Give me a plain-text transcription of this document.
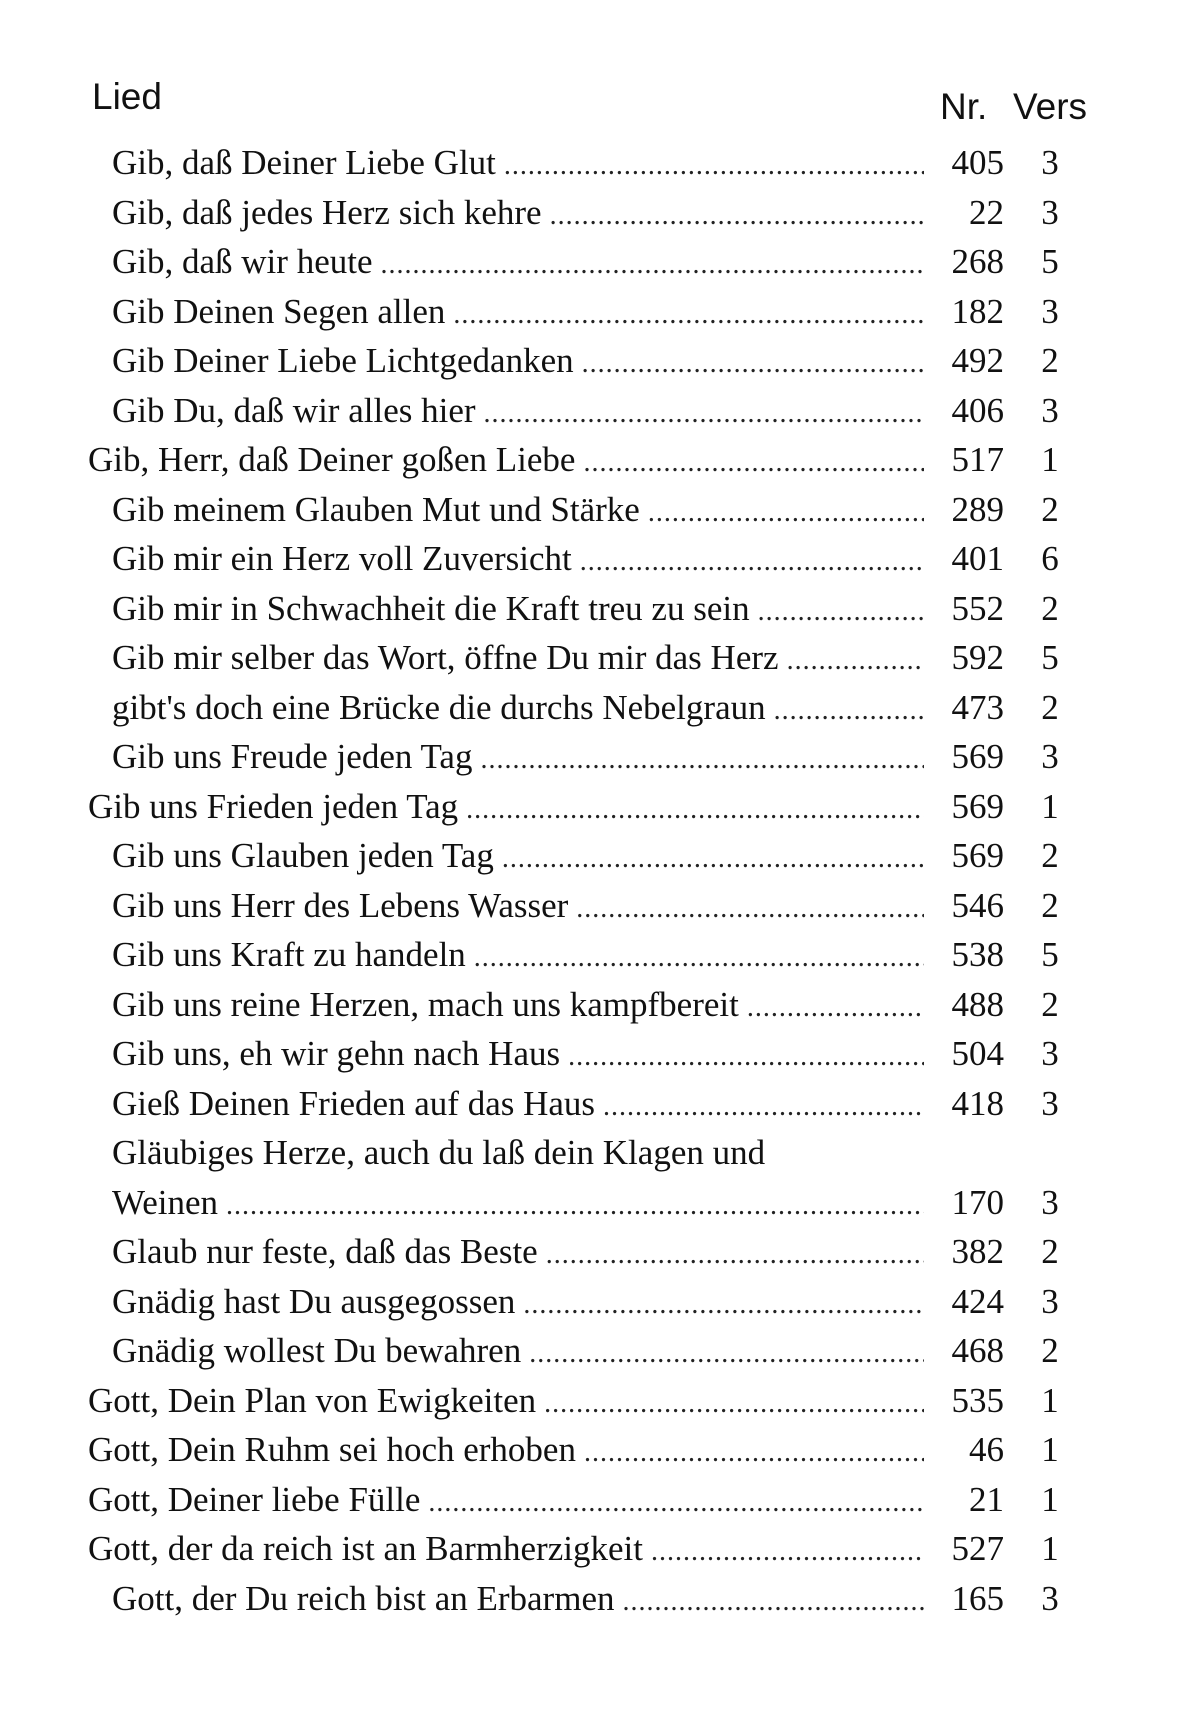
Lied	Nr. Vers
Gib, daß Deiner Liebe Glut .....	405	3
Gib, daß jedes Herz sich kehre .....	22	3
Gib, daß wir heute .....	268	5
Gib Deinen Segen allen .....	182	3
Gib Deiner Liebe Lichtgedanken .....	492	2
Gib Du, daß wir alles hier .....	406	3
Gib, Herr, daß Deiner goßen Liebe .....	517	1
Gib meinem Glauben Mut und Stärke .....	289	2
Gib mir ein Herz voll Zuversicht .....	401	6
Gib mir in Schwachheit die Kraft treu zu sein .....	552	2
Gib mir selber das Wort, öffne Du mir das Herz .....	592	5
gibt's doch eine Brücke die durchs Nebelgraun .....	473	2
Gib uns Freude jeden Tag .....	569	3
Gib uns Frieden jeden Tag .....	569	1
Gib uns Glauben jeden Tag .....	569	2
Gib uns Herr des Lebens Wasser .....	546	2
Gib uns Kraft zu handeln .....	538	5
Gib uns reine Herzen, mach uns kampfbereit .....	488	2
Gib uns, eh wir gehn nach Haus .....	504	3
Gieß Deinen Frieden auf das Haus .....	418	3
Gläubiges Herze, auch du laß dein Klagen und
Weinen .....	170	3
Glaub nur feste, daß das Beste .....	382	2
Gnädig hast Du ausgegossen .....	424	3
Gnädig wollest Du bewahren .....	468	2
Gott, Dein Plan von Ewigkeiten .....	535	1
Gott, Dein Ruhm sei hoch erhoben .....	46	1
Gott, Deiner liebe Fülle .....	21	1
Gott, der da reich ist an Barmherzigkeit .....	527	1
Gott, der Du reich bist an Erbarmen .....	165	3
